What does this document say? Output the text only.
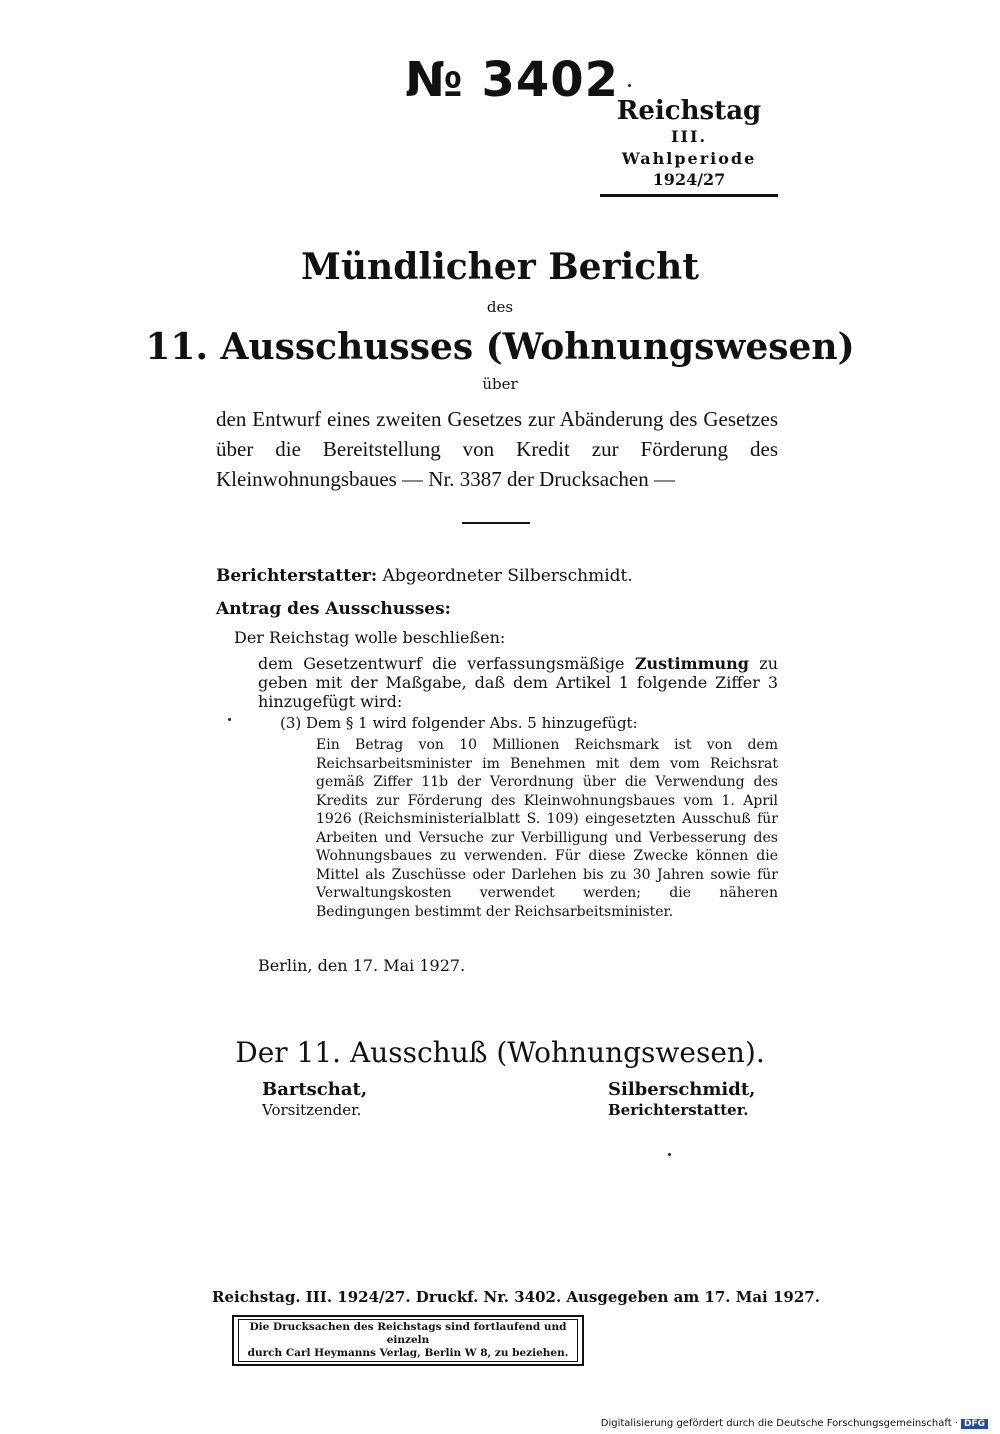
№ 3402
Reichstag
III. Wahlperiode
1924/27
Mündlicher Bericht
des
11. Ausschusses (Wohnungswesen)
über
den Entwurf eines zweiten Gesetzes zur Abänderung des Gesetzes über die Bereitstellung von Kredit zur Förderung des Kleinwohnungsbaues — Nr. 3387 der Drucksachen —
Berichterstatter: Abgeordneter Silberschmidt.
Antrag des Ausschusses:
Der Reichstag wolle beschließen:
dem Gesetzentwurf die verfassungsmäßige Zustimmung zu geben mit der Maßgabe, daß dem Artikel 1 folgende Ziffer 3 hinzugefügt wird:
(3) Dem § 1 wird folgender Abs. 5 hinzugefügt:
Ein Betrag von 10 Millionen Reichsmark ist von dem Reichsarbeitsminister im Benehmen mit dem vom Reichsrat gemäß Ziffer 11b der Verordnung über die Verwendung des Kredits zur Förderung des Kleinwohnungsbaues vom 1. April 1926 (Reichsministerialblatt S. 109) eingesetzten Ausschuß für Arbeiten und Versuche zur Verbilligung und Verbesserung des Wohnungsbaues zu verwenden. Für diese Zwecke können die Mittel als Zuschüsse oder Darlehen bis zu 30 Jahren sowie für Verwaltungskosten verwendet werden; die näheren Bedingungen bestimmt der Reichsarbeitsminister.
Berlin, den 17. Mai 1927.
Der 11. Ausschuß (Wohnungswesen).
Bartschat,
Vorsitzender.
Silberschmidt,
Berichterstatter.
Reichstag. III. 1924/27. Druckf. Nr. 3402. Ausgegeben am 17. Mai 1927.
Die Drucksachen des Reichstags sind fortlaufend und einzeln
durch Carl Heymanns Verlag, Berlin W 8, zu beziehen.
Digitalisierung gefördert durch die Deutsche Forschungsgemeinschaft · DFG
